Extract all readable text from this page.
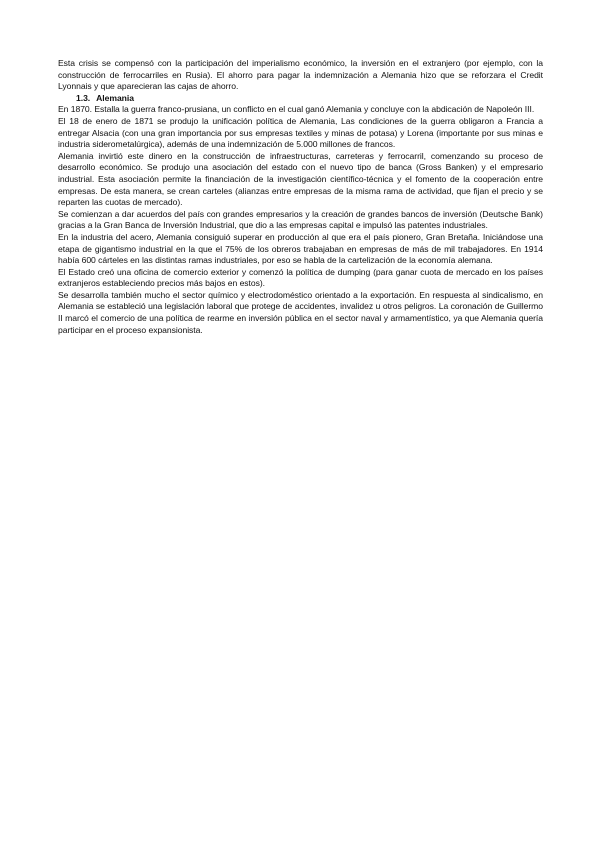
Esta crisis se compensó con la participación del imperialismo económico, la inversión en el extranjero (por ejemplo, con la construcción de ferrocarriles en Rusia). El ahorro para pagar la indemnización a Alemania hizo que se reforzara el Credit Lyonnais y que aparecieran las cajas de ahorro.

1.3. Alemania

En 1870. Estalla la guerra franco-prusiana, un conflicto en el cual ganó Alemania y concluye con la abdicación de Napoleón III.

El 18 de enero de 1871 se produjo la unificación política de Alemania, Las condiciones de la guerra obligaron a Francia a entregar Alsacia (con una gran importancia por sus empresas textiles y minas de potasa) y Lorena (importante por sus minas e industria siderometalúrgica), además de una indemnización de 5.000 millones de francos.

Alemania invirtió este dinero en la construcción de infraestructuras, carreteras y ferrocarril, comenzando su proceso de desarrollo económico. Se produjo una asociación del estado con el nuevo tipo de banca (Gross Banken) y el empresario industrial. Esta asociación permite la financiación de la investigación científico-técnica y el fomento de la cooperación entre empresas. De esta manera, se crean carteles (alianzas entre empresas de la misma rama de actividad, que fijan el precio y se reparten las cuotas de mercado).

Se comienzan a dar acuerdos del país con grandes empresarios y la creación de grandes bancos de inversión (Deutsche Bank) gracias a la Gran Banca de Inversión Industrial, que dio a las empresas capital e impulsó las patentes industriales.

En la industria del acero, Alemania consiguió superar en producción al que era el país pionero, Gran Bretaña. Iniciándose una etapa de gigantismo industrial en la que el 75% de los obreros trabajaban en empresas de más de mil trabajadores. En 1914 había 600 cárteles en las distintas ramas industriales, por eso se habla de la cartelización de la economía alemana.

El Estado creó una oficina de comercio exterior y comenzó la política de dumping (para ganar cuota de mercado en los países extranjeros estableciendo precios más bajos en estos).

Se desarrolla también mucho el sector químico y electrodoméstico orientado a la exportación. En respuesta al sindicalismo, en Alemania se estableció una legislación laboral que protege de accidentes, invalidez u otros peligros. La coronación de Guillermo II marcó el comercio de una política de rearme en inversión pública en el sector naval y armamentístico, ya que Alemania quería participar en el proceso expansionista.
